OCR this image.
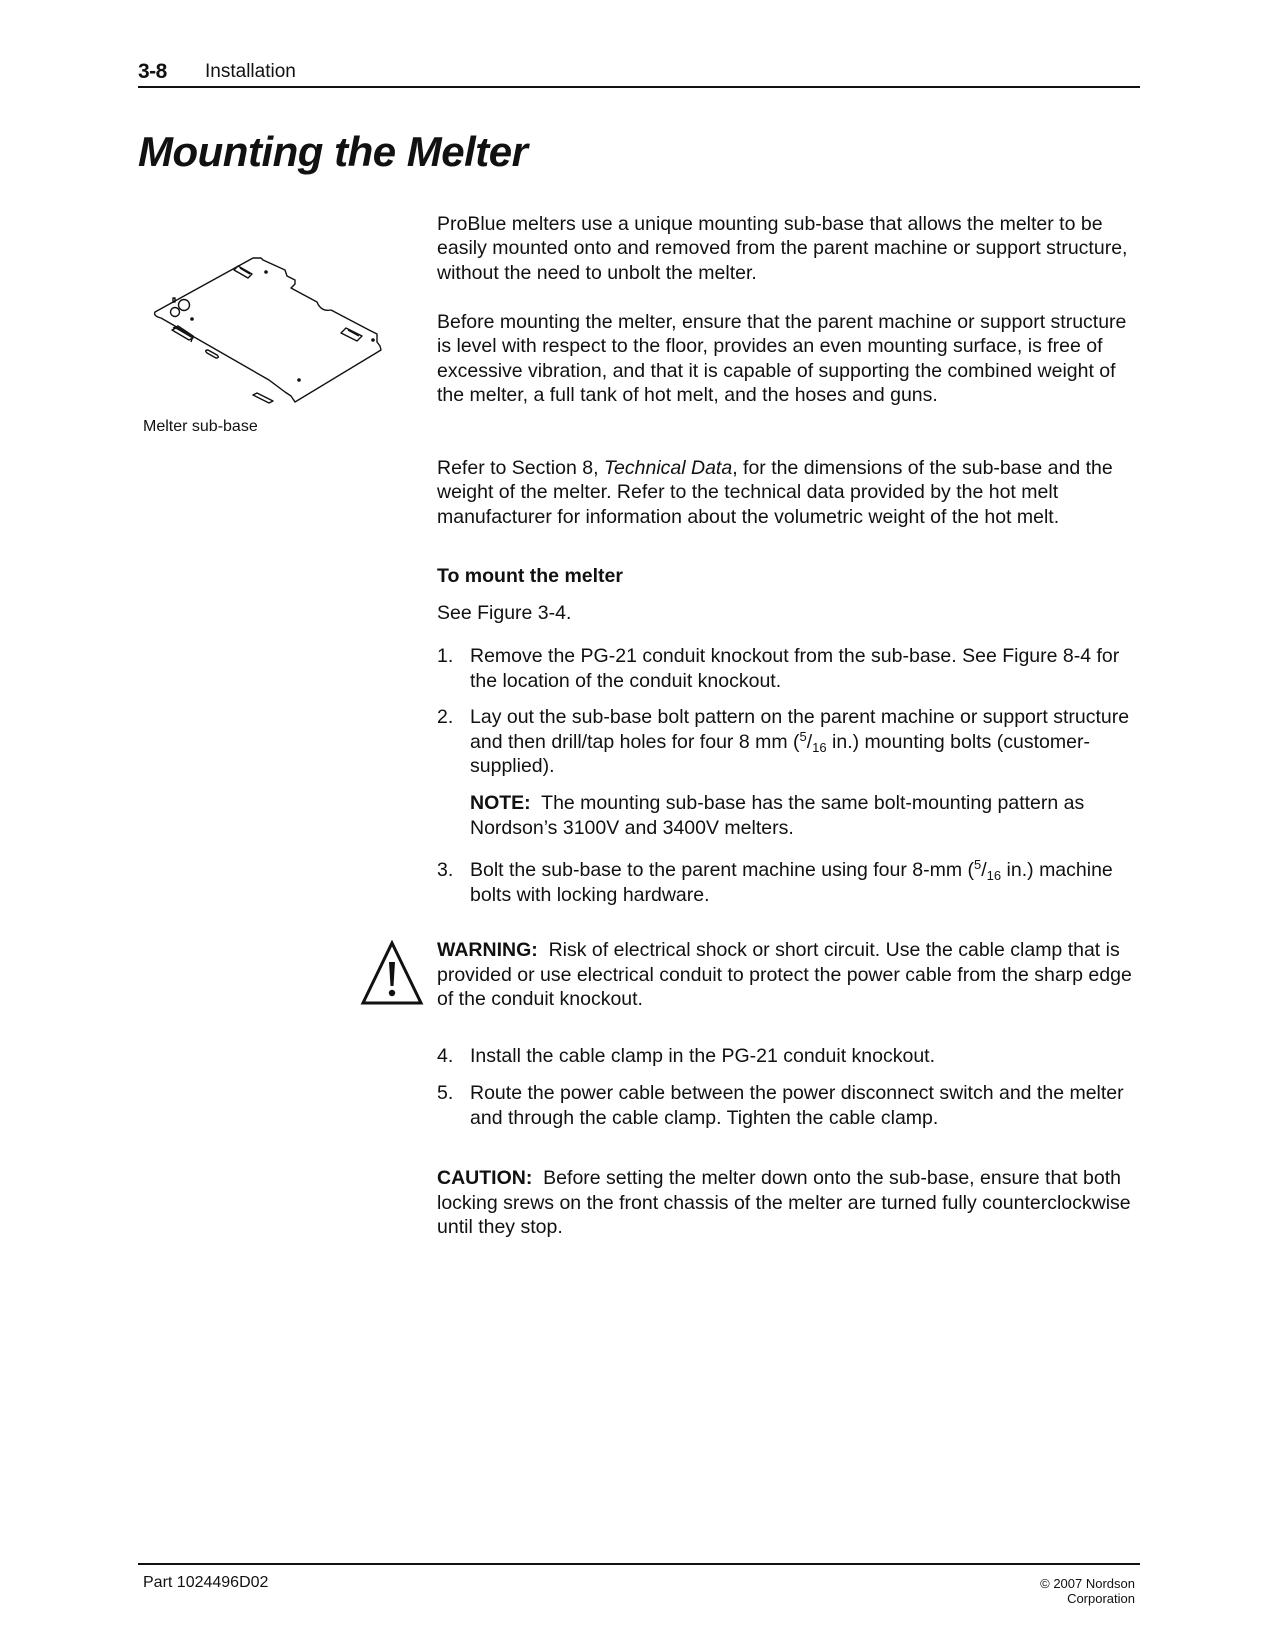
3-8 Installation
Mounting the Melter
Melter sub-base

ProBlue melters use a unique mounting sub-base that allows the melter to be easily mounted onto and removed from the parent machine or support structure, without the need to unbolt the melter.

Before mounting the melter, ensure that the parent machine or support structure is level with respect to the floor, provides an even mounting surface, is free of excessive vibration, and that it is capable of supporting the combined weight of the melter, a full tank of hot melt, and the hoses and guns.

Refer to Section 8, Technical Data, for the dimensions of the sub-base and the weight of the melter. Refer to the technical data provided by the hot melt manufacturer for information about the volumetric weight of the hot melt.

To mount the melter
See Figure 3-4.
1. Remove the PG-21 conduit knockout from the sub-base. See Figure 8-4 for the location of the conduit knockout.
2. Lay out the sub-base bolt pattern on the parent machine or support structure and then drill/tap holes for four 8 mm ($^5/_{16}$ in.) mounting bolts (customer-supplied).
NOTE: The mounting sub-base has the same bolt-mounting pattern as Nordson’s 3100V and 3400V melters.
3. Bolt the sub-base to the parent machine using four 8-mm ($^5/_{16}$ in.) machine bolts with locking hardware.
WARNING: Risk of electrical shock or short circuit. Use the cable clamp that is provided or use electrical conduit to protect the power cable from the sharp edge of the conduit knockout.
4. Install the cable clamp in the PG-21 conduit knockout.
5. Route the power cable between the power disconnect switch and the melter and through the cable clamp. Tighten the cable clamp.
CAUTION: Before setting the melter down onto the sub-base, ensure that both locking srews on the front chassis of the melter are turned fully counterclockwise until they stop.
Part 1024496D02	© 2007 Nordson Corporation
